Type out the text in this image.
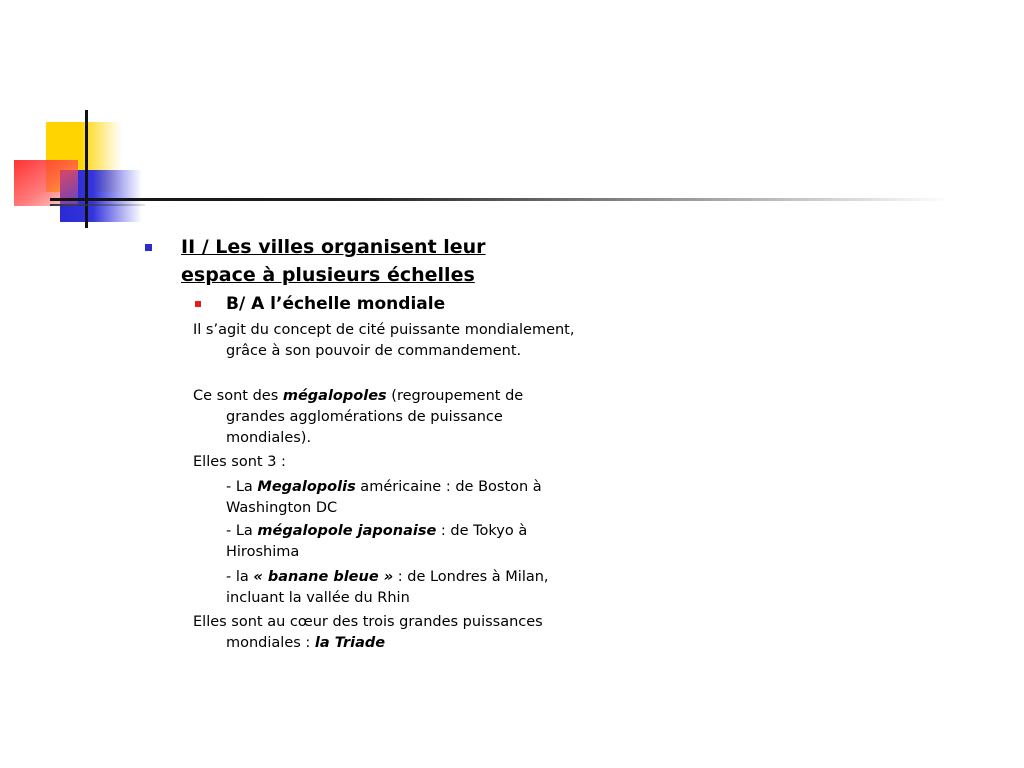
II / Les villes organisent leur espace à plusieurs échelles
B/ A l’échelle mondiale
Il s’agit du concept de cité puissante mondialement, grâce à son pouvoir de commandement.
Ce sont des mégalopoles (regroupement de grandes agglomérations de puissance mondiales).
Elles sont 3 :
- La Megalopolis américaine : de Boston à Washington DC
- La mégalopole japonaise : de Tokyo à Hiroshima
- la « banane bleue » : de Londres à Milan, incluant la vallée du Rhin
Elles sont au cœur des trois grandes puissances mondiales : la Triade
